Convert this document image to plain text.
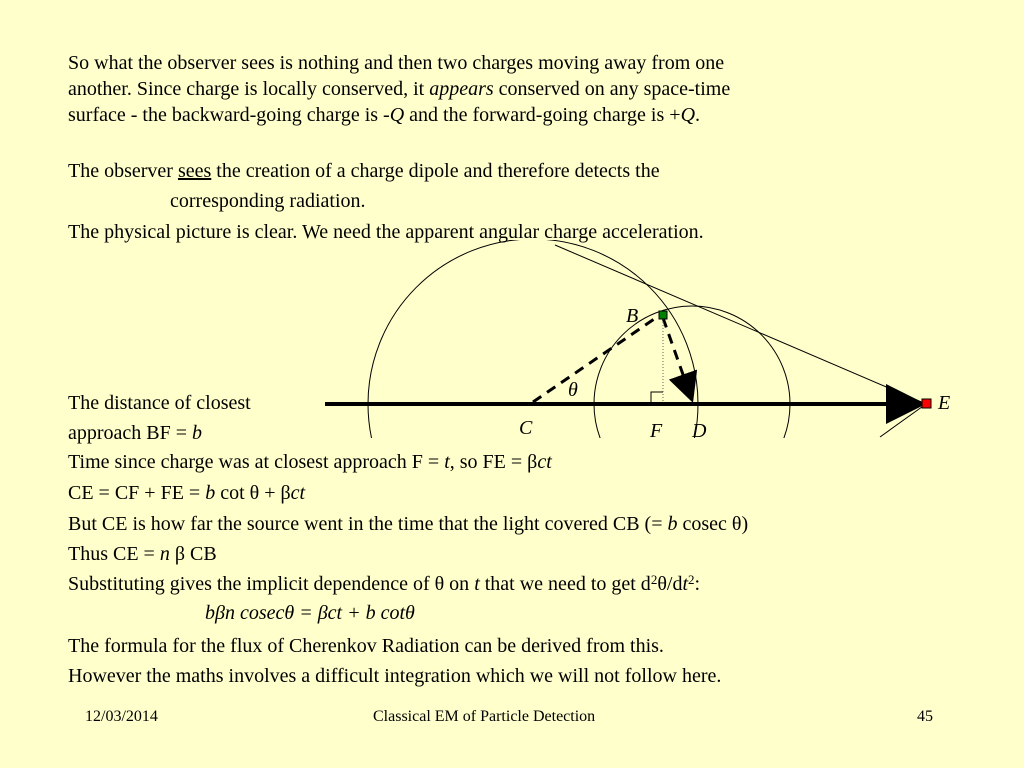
B
θ
C	F D
E
So what the observer sees is nothing and then two charges moving away from one
another. Since charge is locally conserved, it appears conserved on any space-time
surface - the backward-going charge is -Q and the forward-going charge is +Q.
The observer sees the creation of a charge dipole and therefore detects the
corresponding radiation.
The physical picture is clear. We need the apparent angular charge acceleration.
The distance of closest
approach BF = b
Time since charge was at closest approach F = t, so FE = βct
CE = CF + FE = b cot θ + βct
But CE is how far the source went in the time that the light covered CB (= b cosec θ)
Thus CE = n β CB
Substituting gives the implicit dependence of θ on t that we need to get $d^2\theta/dt^2$:
bβn cosecθ = βct + b cotθ
The formula for the flux of Cherenkov Radiation can be derived from this.
However the maths involves a difficult integration which we will not follow here.
12/03/2014	Classical EM of Particle Detection	45
